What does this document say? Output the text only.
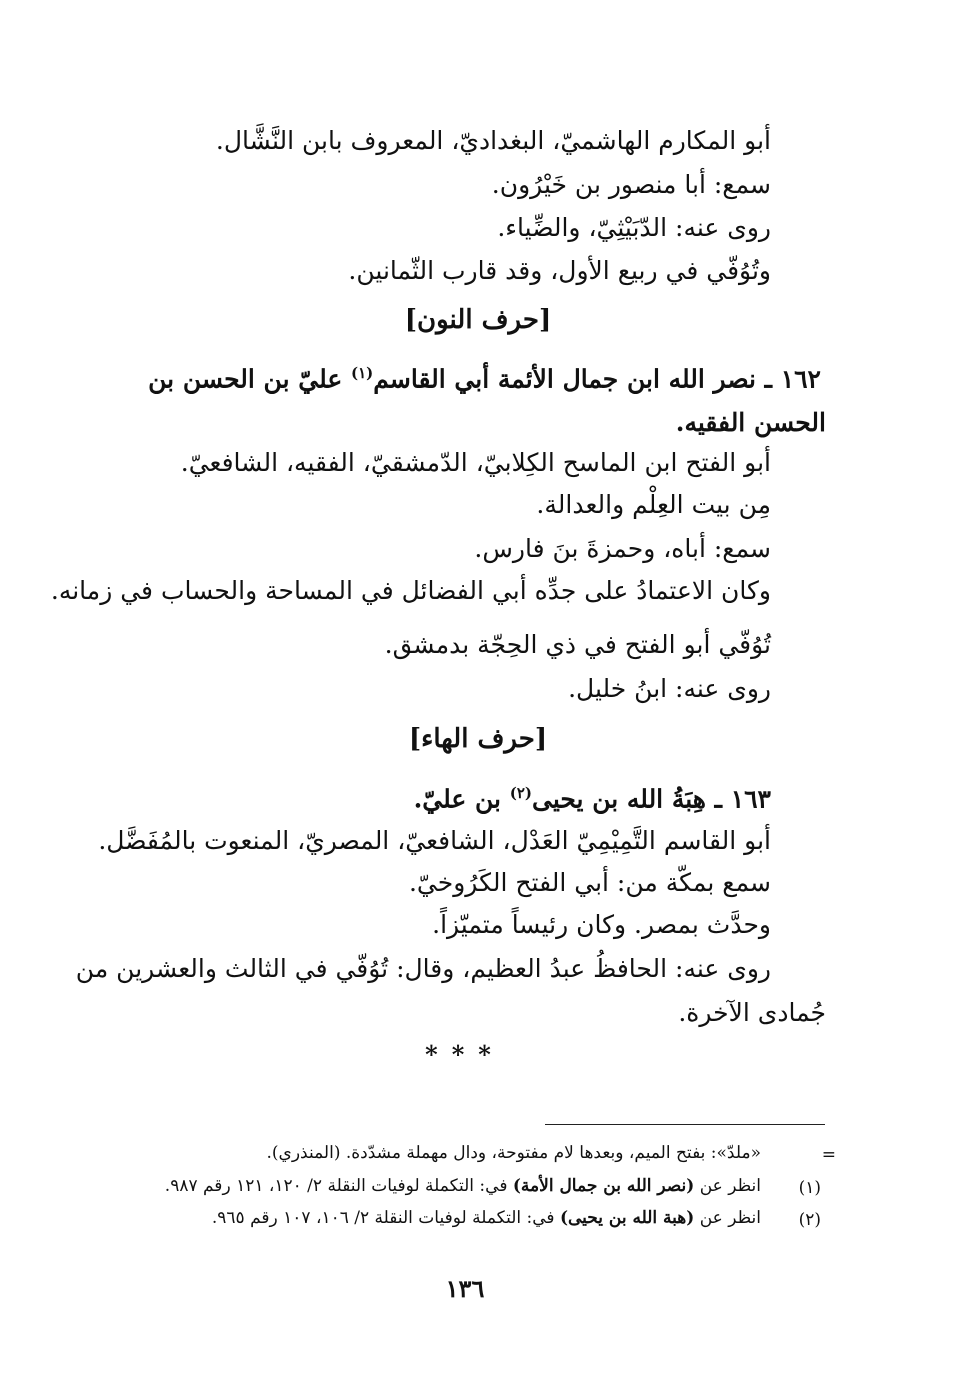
أبو المكارم الهاشميّ، البغداديّ، المعروف بابن النَّشَّال.
سمع: أبا منصور بن خَيْرُون.
روى عنه: الدّبَيْثِيّ، والضِّياء.
وتُوُفّي في ربيع الأول، وقد قارب الثّمانين.
[حرف النون]
١٦٢ ـ نصر الله ابن جمال الأئمة أبي القاسم$^{(١)}$ عليّ بن الحسن بن
الحسن الفقيه.
أبو الفتح ابن الماسح الكِلابيّ، الدّمشقيّ، الفقيه، الشافعيّ.
مِن بيت العِلْم والعدالة.
سمع: أباه، وحمزةَ بنَ فارس.
وكان الاعتمادُ على جدِّه أبي الفضائل في المساحة والحساب في زمانه.
تُوُفّي أبو الفتح في ذي الحِجّة بدمشق.
روى عنه: ابنُ خليل.
[حرف الهاء]
١٦٣ ـ هِبَةُ الله بن يحيى$^{(٢)}$ بن عليّ.
أبو القاسم التَّمِيْمِيّ العَدْل، الشافعيّ، المصريّ، المنعوت بالمُفَضَّل.
سمع بمكّة من: أبي الفتح الكَرُوخيّ.
وحدَّث بمصر. وكان رئيساً متميّزاً.
روى عنه: الحافظُ عبدُ العظيم، وقال: تُوُفّي في الثالث والعشرين من
جُمادى الآخرة.
***
=
«ملدّ»: بفتح الميم، وبعدها لام مفتوحة، ودال مهملة مشدّدة. (المنذري).
(١)
انظر عن (نصر الله بن جمال الأمة) في: التكملة لوفيات النقلة ٢/ ١٢٠، ١٢١ رقم ٩٨٧.
(٢)
انظر عن (هبة الله بن يحيى) في: التكملة لوفيات النقلة ٢/ ١٠٦، ١٠٧ رقم ٩٦٥.
١٣٦
